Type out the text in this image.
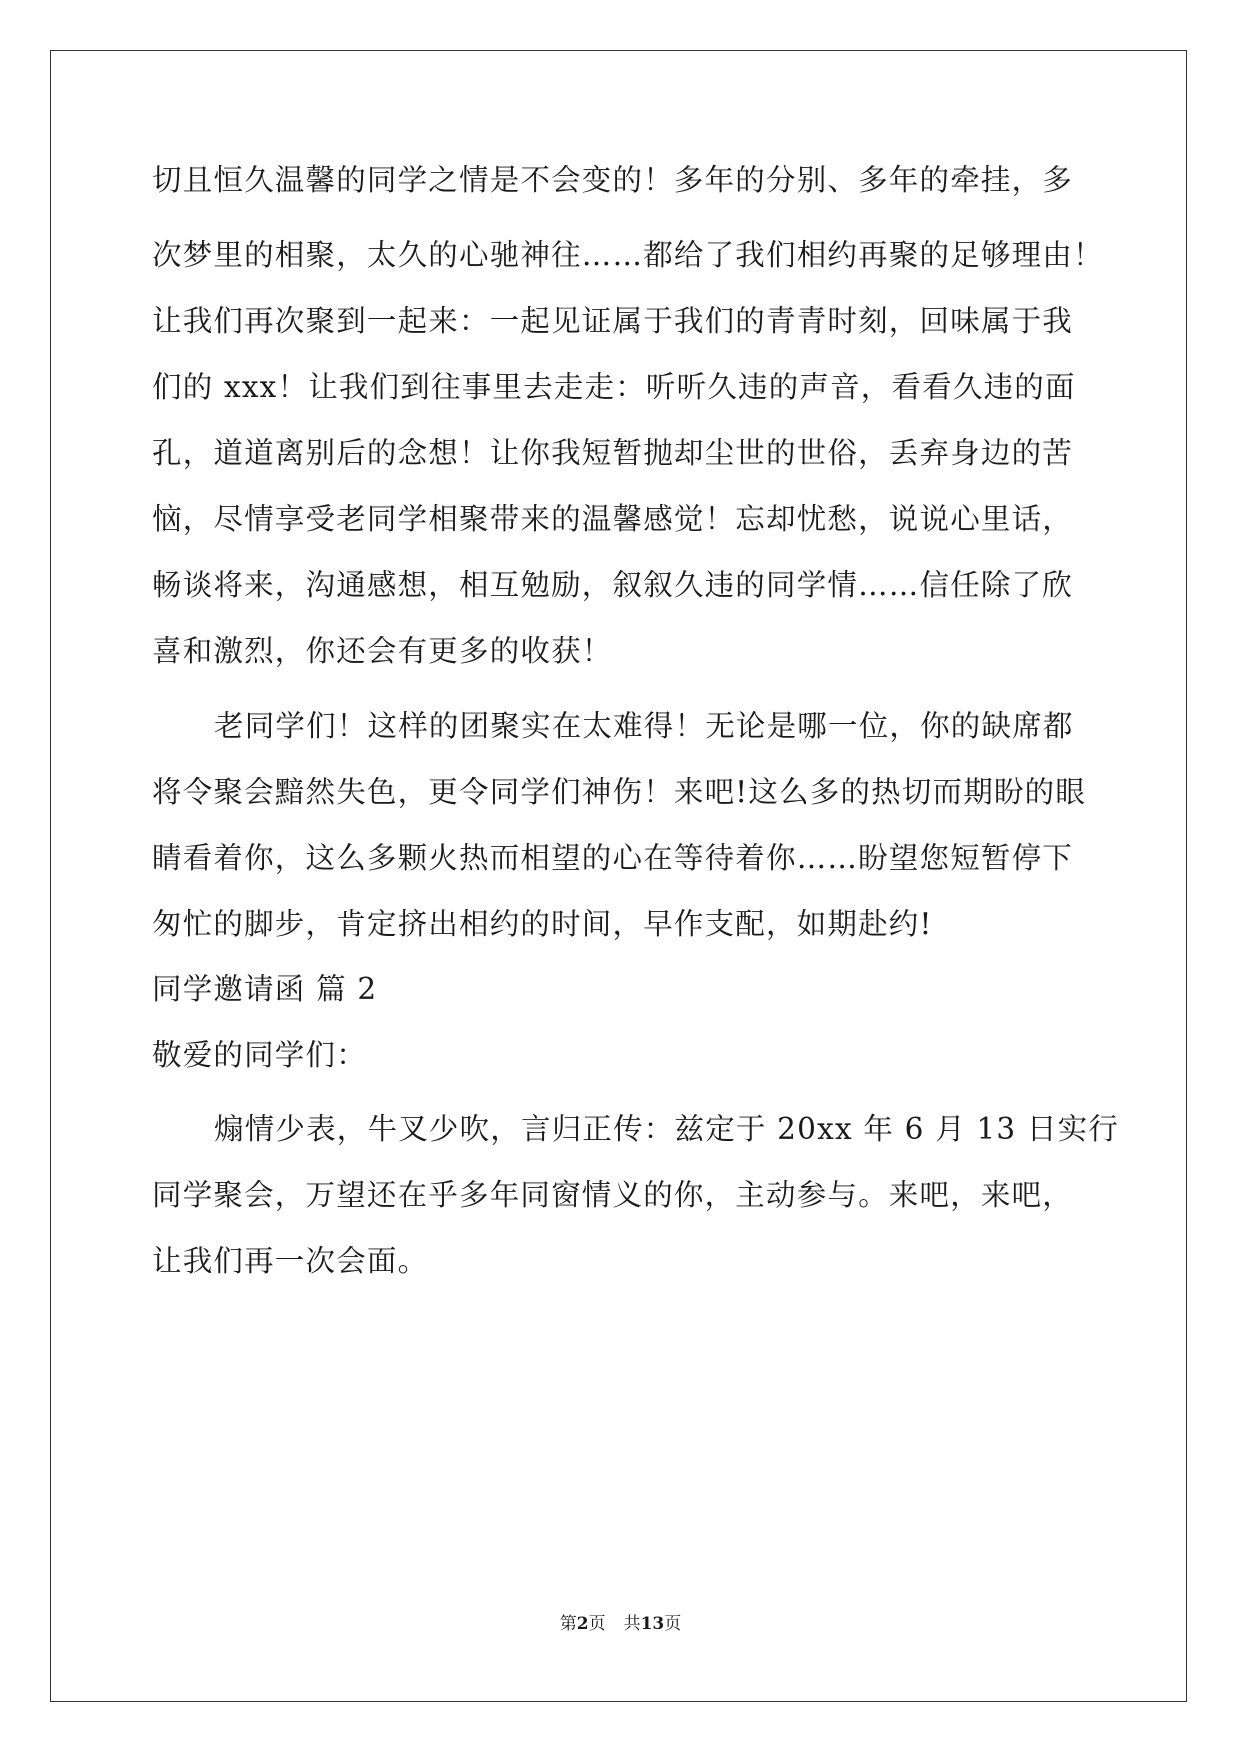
切且恒久温馨的同学之情是不会变的！多年的分别、多年的牵挂，多
次梦里的相聚，太久的心驰神往……都给了我们相约再聚的足够理由！
让我们再次聚到一起来：一起见证属于我们的青青时刻，回味属于我
们的 xxx！让我们到往事里去走走：听听久违的声音，看看久违的面
孔，道道离别后的念想！让你我短暂抛却尘世的世俗，丢弃身边的苦
恼，尽情享受老同学相聚带来的温馨感觉！忘却忧愁，说说心里话，
畅谈将来，沟通感想，相互勉励，叙叙久违的同学情……信任除了欣
喜和激烈，你还会有更多的收获！
老同学们！这样的团聚实在太难得！无论是哪一位，你的缺席都
将令聚会黯然失色，更令同学们神伤！来吧!这么多的热切而期盼的眼
睛看着你，这么多颗火热而相望的心在等待着你……盼望您短暂停下
匆忙的脚步，肯定挤出相约的时间，早作支配，如期赴约!
同学邀请函 篇 2
敬爱的同学们：
煽情少表，牛叉少吹，言归正传：兹定于 20xx 年 6 月 13 日实行
同学聚会，万望还在乎多年同窗情义的你，主动参与。来吧，来吧，
让我们再一次会面。
第2页 共13页
